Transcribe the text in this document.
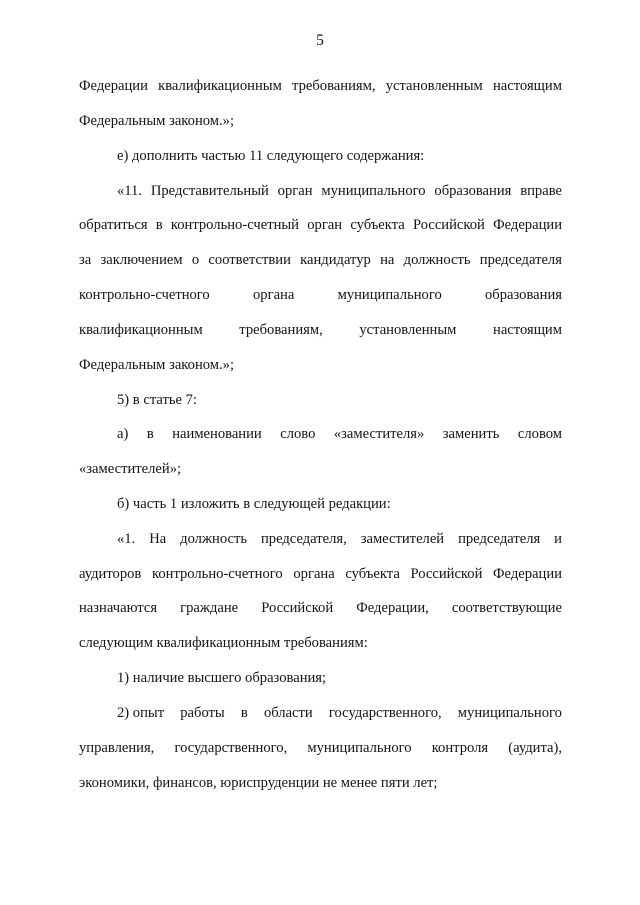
5
Федерации квалификационным требованиям, установленным настоящим
Федеральным законом.»;
е) дополнить частью 11 следующего содержания:
«11. Представительный орган муниципального образования вправе
обратиться в контрольно-счетный орган субъекта Российской Федерации
за заключением о соответствии кандидатур на должность председателя
контрольно-счетного	органа	муниципального	образования
квалификационным	требованиям,	установленным	настоящим
Федеральным законом.»;
5) в статье 7:
а) в наименовании слово «заместителя» заменить словом
«заместителей»;
б) часть 1 изложить в следующей редакции:
«1. На должность председателя, заместителей председателя и
аудиторов контрольно-счетного органа субъекта Российской Федерации
назначаются граждане Российской Федерации, соответствующие
следующим квалификационным требованиям:
1) наличие высшего образования;
2) опыт работы в области государственного, муниципального
управления, государственного, муниципального контроля (аудита),
экономики, финансов, юриспруденции не менее пяти лет;
